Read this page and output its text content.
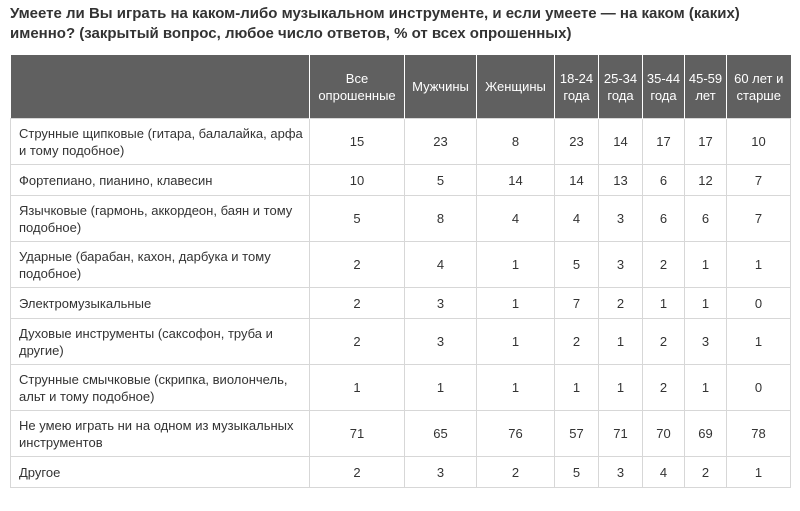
Умеете ли Вы играть на каком-либо музыкальном инструменте, и если умеете — на каком (каких) именно? (закрытый вопрос, любое число ответов, % от всех опрошенных)
	Все опрошенные	Мужчины	Женщины	18-24 года	25-34 года	35-44 года	45-59 лет	60 лет и старше
Струнные щипковые (гитара, балалайка, арфа и тому подобное)	15	23	8	23	14	17	17	10
Фортепиано, пианино, клавесин	10	5	14	14	13	6	12	7
Язычковые (гармонь, аккордеон, баян и тому подобное)	5	8	4	4	3	6	6	7
Ударные (барабан, кахон, дарбука и тому подобное)	2	4	1	5	3	2	1	1
Электромузыкальные	2	3	1	7	2	1	1	0
Духовые инструменты (саксофон, труба и другие)	2	3	1	2	1	2	3	1
Струнные смычковые (скрипка, виолончель, альт и тому подобное)	1	1	1	1	1	2	1	0
Не умею играть ни на одном из музыкальных инструментов	71	65	76	57	71	70	69	78
Другое	2	3	2	5	3	4	2	1
